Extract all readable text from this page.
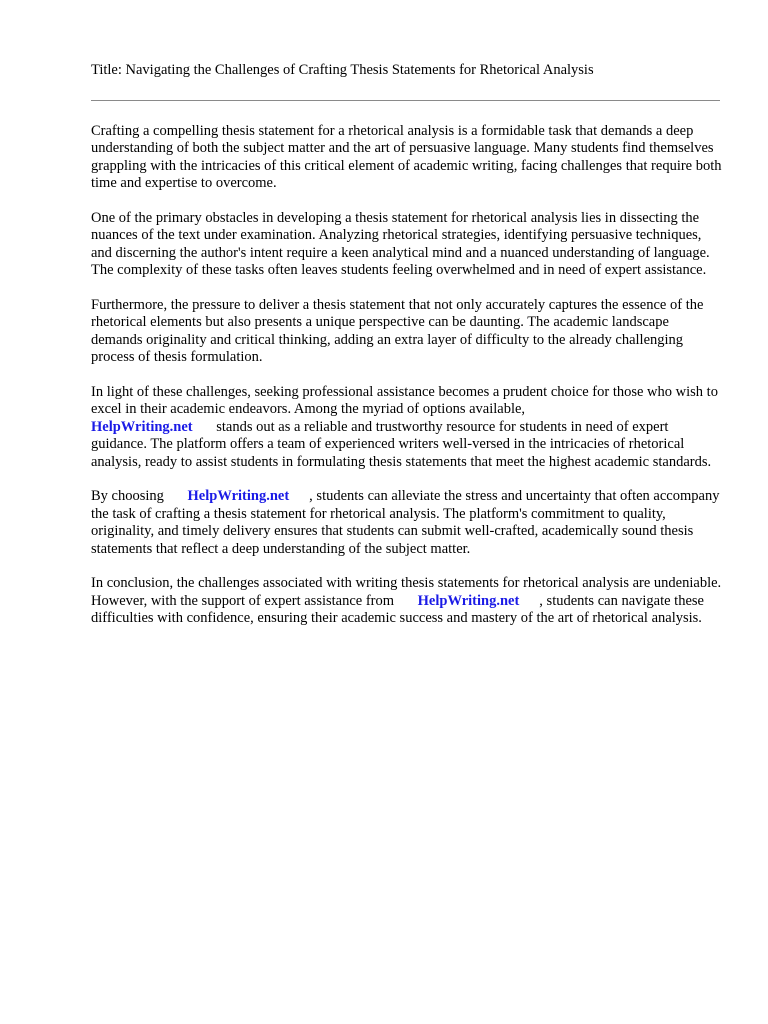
Title: Navigating the Challenges of Crafting Thesis Statements for Rhetorical Analysis

Crafting a compelling thesis statement for a rhetorical analysis is a formidable task that demands a deep understanding of both the subject matter and the art of persuasive language. Many students find themselves grappling with the intricacies of this critical element of academic writing, facing challenges that require both time and expertise to overcome.

One of the primary obstacles in developing a thesis statement for rhetorical analysis lies in dissecting the nuances of the text under examination. Analyzing rhetorical strategies, identifying persuasive techniques, and discerning the author's intent require a keen analytical mind and a nuanced understanding of language. The complexity of these tasks often leaves students feeling overwhelmed and in need of expert assistance.

Furthermore, the pressure to deliver a thesis statement that not only accurately captures the essence of the rhetorical elements but also presents a unique perspective can be daunting. The academic landscape demands originality and critical thinking, adding an extra layer of difficulty to the already challenging process of thesis formulation.

In light of these challenges, seeking professional assistance becomes a prudent choice for those who wish to excel in their academic endeavors. Among the myriad of options available,
HelpWriting.net stands out as a reliable and trustworthy resource for students in need of expert guidance. The platform offers a team of experienced writers well-versed in the intricacies of rhetorical analysis, ready to assist students in formulating thesis statements that meet the highest academic standards.

By choosing HelpWriting.net , students can alleviate the stress and uncertainty that often accompany the task of crafting a thesis statement for rhetorical analysis. The platform's commitment to quality, originality, and timely delivery ensures that students can submit well-crafted, academically sound thesis statements that reflect a deep understanding of the subject matter.

In conclusion, the challenges associated with writing thesis statements for rhetorical analysis are undeniable. However, with the support of expert assistance from HelpWriting.net , students can navigate these difficulties with confidence, ensuring their academic success and mastery of the art of rhetorical analysis.
